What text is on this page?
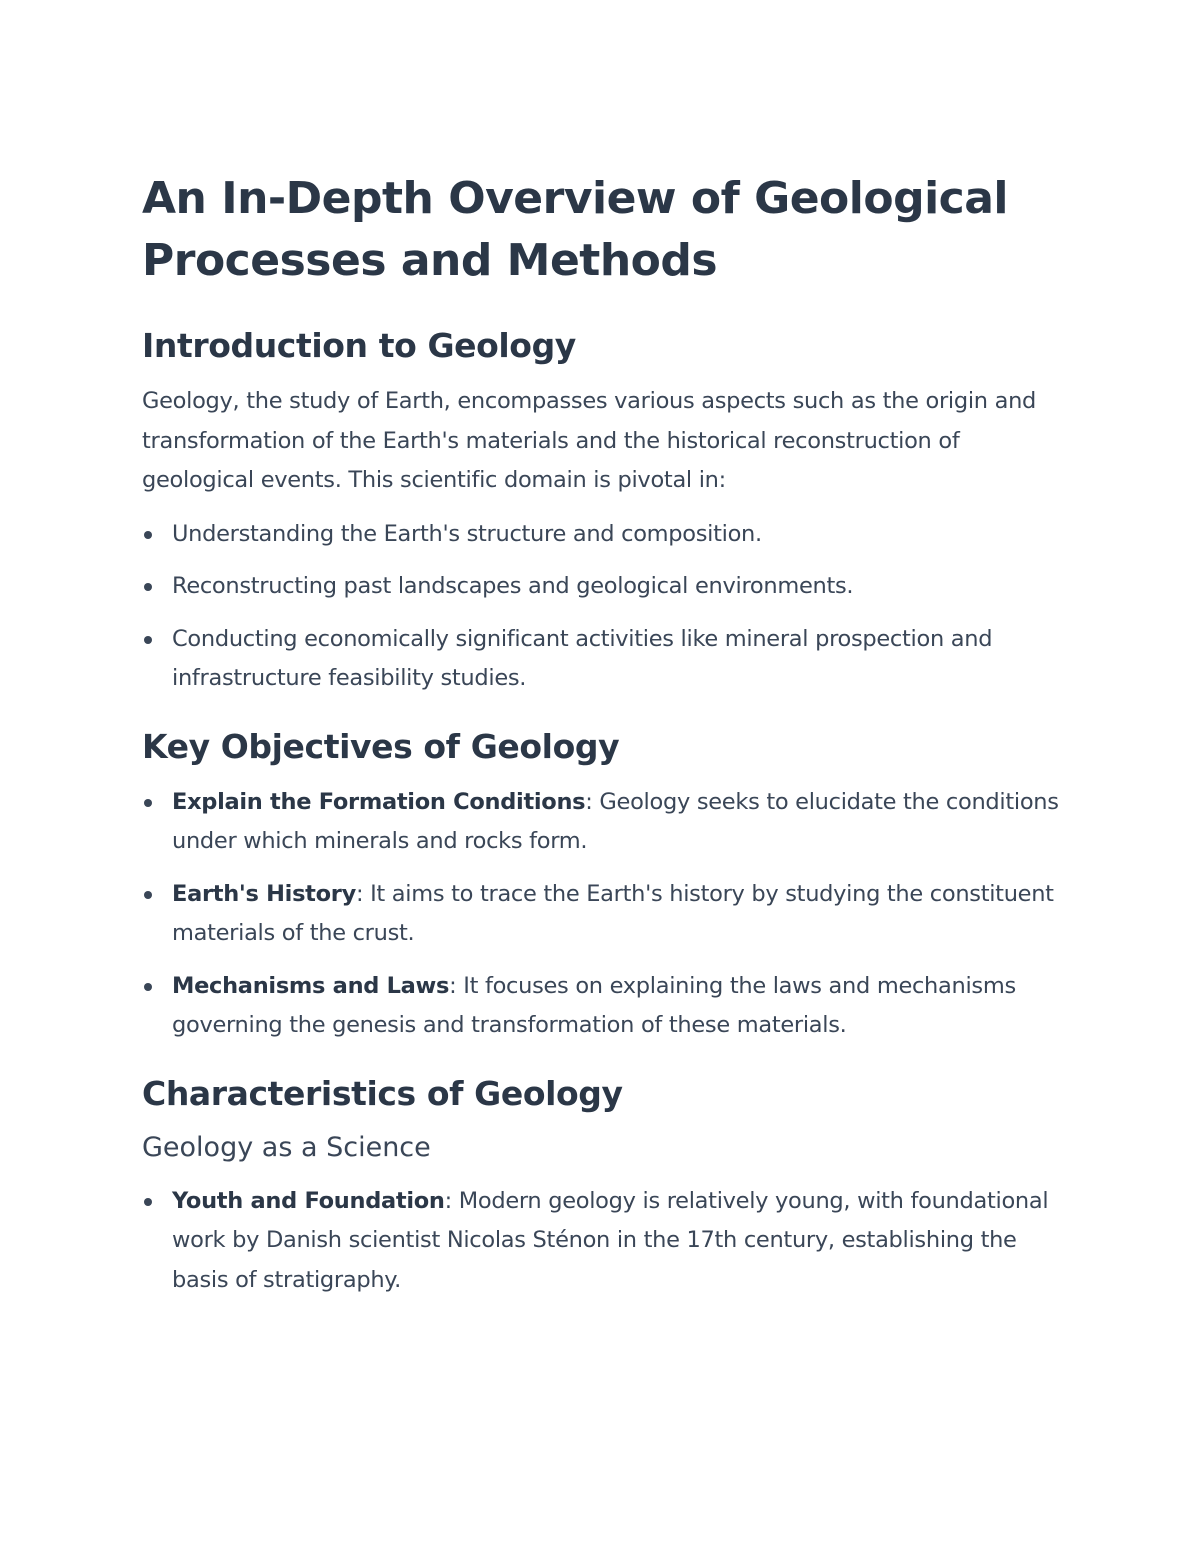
An In-Depth Overview of Geological Processes and Methods
Introduction to Geology

Geology, the study of Earth, encompasses various aspects such as the origin and transformation of the Earth's materials and the historical reconstruction of geological events. This scientific domain is pivotal in:

Understanding the Earth's structure and composition.
Reconstructing past landscapes and geological environments.
Conducting economically significant activities like mineral prospection and infrastructure feasibility studies.
Key Objectives of Geology
Explain the Formation Conditions: Geology seeks to elucidate the conditions under which minerals and rocks form.
Earth's History: It aims to trace the Earth's history by studying the constituent materials of the crust.
Mechanisms and Laws: It focuses on explaining the laws and mechanisms governing the genesis and transformation of these materials.
Characteristics of Geology
Geology as a Science
Youth and Foundation: Modern geology is relatively young, with foundational work by Danish scientist Nicolas Sténon in the 17th century, establishing the basis of stratigraphy.
